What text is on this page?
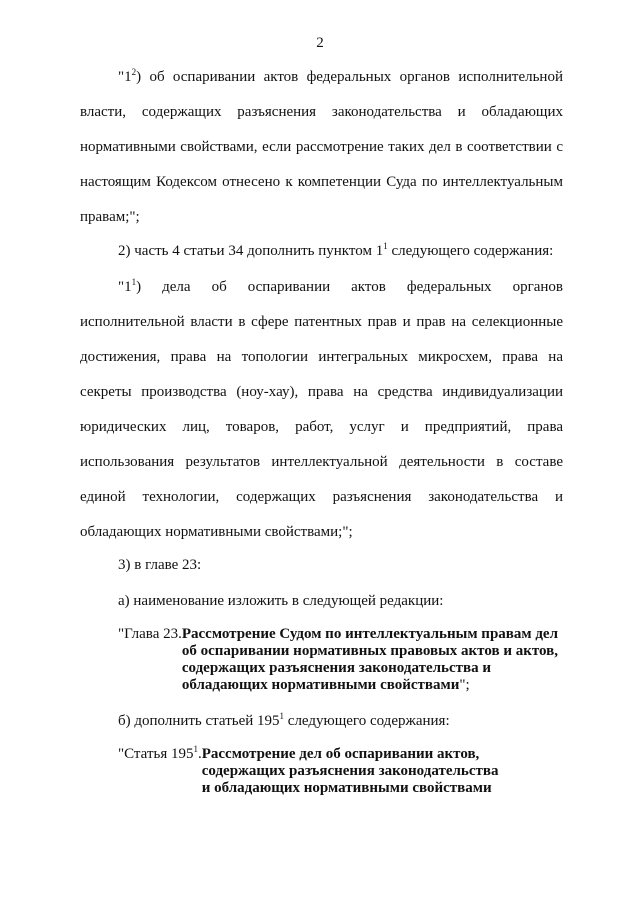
2

"$1^2$) об оспаривании актов федеральных органов исполнительной власти, содержащих разъяснения законодательства и обладающих нормативными свойствами, если рассмотрение таких дел в соответствии с настоящим Кодексом отнесено к компетенции Суда по интеллектуальным правам;";

2) часть 4 статьи 34 дополнить пунктом $1^1$ следующего содержания:

"$1^1$) дела об оспаривании актов федеральных органов исполнительной власти в сфере патентных прав и прав на селекционные достижения, права на топологии интегральных микросхем, права на секреты производства (ноу-хау), права на средства индивидуализации юридических лиц, товаров, работ, услуг и предприятий, права использования результатов интеллектуальной деятельности в составе единой технологии, содержащих разъяснения законодательства и обладающих нормативными свойствами;";

3) в главе 23:

а) наименование изложить в следующей редакции:

"Глава 23.Рассмотрение Судом по интеллектуальным правам дел об оспаривании нормативных правовых актов и актов, содержащих разъяснения законодательства и обладающих нормативными свойствами";

б) дополнить статьей $195^1$ следующего содержания:

"Статья $195^1.Рассмотрение$ дел об оспаривании актов, содержащих разъяснения законодательства и обладающих нормативными свойствами
